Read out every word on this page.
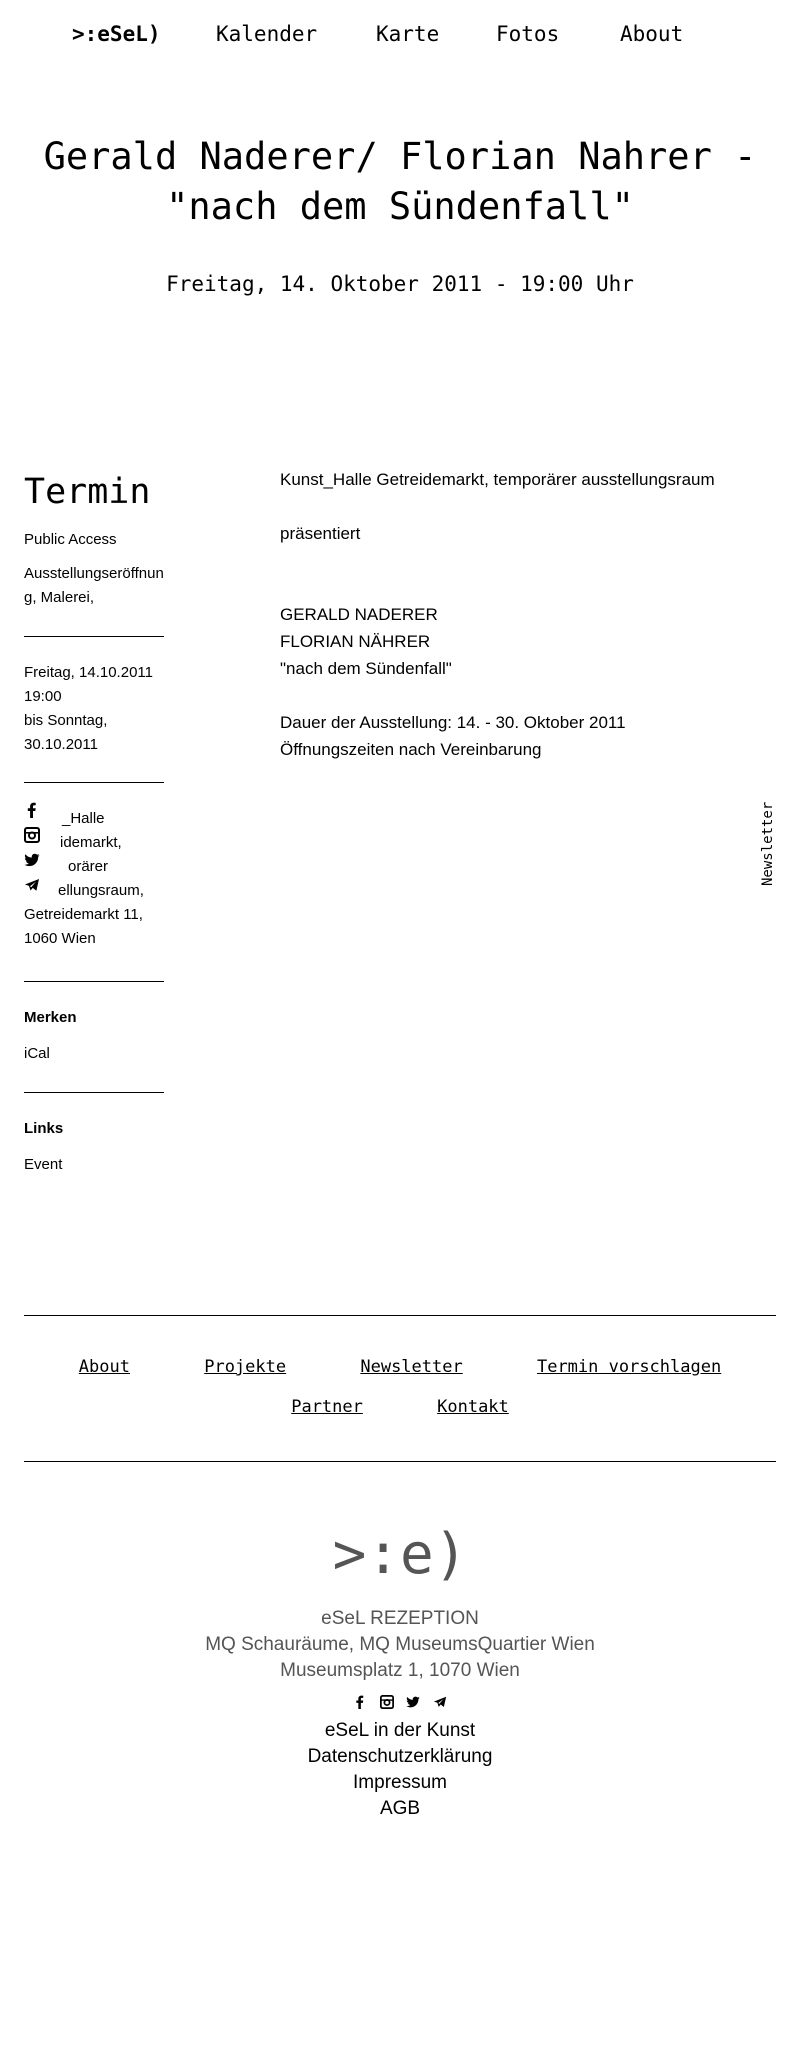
>:eSeL)	Kalender	Karte	Fotos	About
Gerald Naderer/ Florian Nahrer -
"nach dem Sündenfall"
Freitag, 14. Oktober 2011 - 19:00 Uhr
Termin
Public Access
Ausstellungseröffnung, Malerei,
Freitag, 14.10.2011
19:00
bis Sonntag,
30.10.2011
_Halle
idemarkt,
orärer
ellungsraum,
Getreidemarkt 11,
1060 Wien
Merken
iCal
Links
Event

Kunst_Halle Getreidemarkt, temporärer ausstellungsraum

präsentiert

GERALD NADERER

FLORIAN NÄHRER

"nach dem Sündenfall"

Dauer der Ausstellung: 14. - 30. Oktober 2011

Öffnungszeiten nach Vereinbarung

Newsletter
About	Projekte	Newsletter	Termin vorschlagen
Partner	Kontakt
>:e)
eSeL REZEPTION
MQ Schauräume, MQ MuseumsQuartier Wien
Museumsplatz 1, 1070 Wien

eSeL in der Kunst
Datenschutzerklärung
Impressum
AGB
